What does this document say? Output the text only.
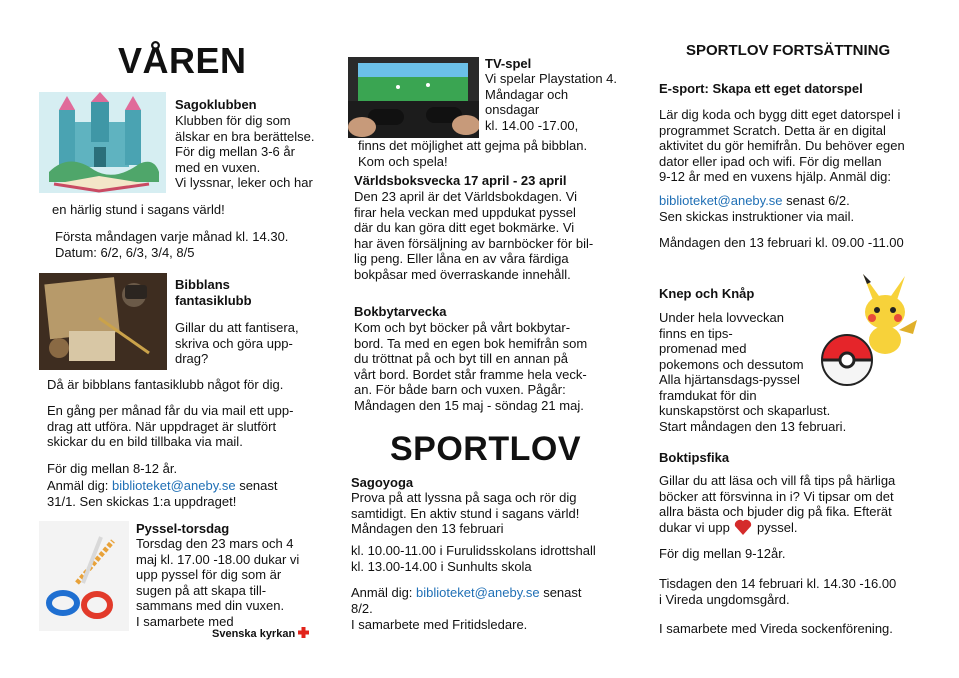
VÅREN
Sagoklubben
Klubben för dig som
älskar en bra berättelse.
För dig mellan 3-6 år
med en vuxen.
Vi lyssnar, leker och har
en härlig stund i sagans värld!
Första måndagen varje månad kl. 14.30.
Datum: 6/2, 6/3, 3/4, 8/5
Bibblans
fantasiklubb
Gillar du att fantisera,
skriva och göra upp-
drag?
Då är bibblans fantasiklubb något för dig.
En gång per månad får du via mail ett upp-
drag att utföra. När uppdraget är slutfört
skickar du en bild tillbaka via mail.
För dig mellan 8-12 år.
Anmäl dig: biblioteket@aneby.se senast
31/1. Sen skickas 1:a uppdraget!
Pyssel-torsdag
Torsdag den 23 mars och 4
maj kl. 17.00 -18.00 dukar vi
upp pyssel för dig som är
sugen på att skapa till-
sammans med din vuxen.
I samarbete med
Svenska kyrkan
TV-spel
Vi spelar Playstation 4.
Måndagar och
onsdagar
kl. 14.00 -17.00,
finns det möjlighet att gejma på bibblan.
Kom och spela!
Världsboksvecka 17 april - 23 april
Den 23 april är det Världsbokdagen. Vi
firar hela veckan med uppdukat pyssel
där du kan göra ditt eget bokmärke. Vi
har även försäljning av barnböcker för bil-
lig peng. Eller låna en av våra färdiga
bokpåsar med överraskande innehåll.
Bokbytarvecka
Kom och byt böcker på vårt bokbytar-
bord. Ta med en egen bok hemifrån som
du tröttnat på och byt till en annan på
vårt bord. Bordet står framme hela veck-
an. För både barn och vuxen. Pågår:
Måndagen den 15 maj - söndag 21 maj.
SPORTLOV
Sagoyoga
Prova på att lyssna på saga och rör dig
samtidigt. En aktiv stund i sagans värld!
Måndagen den 13 februari
kl. 10.00-11.00 i Furulidsskolans idrottshall
kl. 13.00-14.00 i Sunhults skola
Anmäl dig: biblioteket@aneby.se senast
8/2.
I samarbete med Fritidsledare.
SPORTLOV FORTSÄTTNING
E-sport: Skapa ett eget datorspel
Lär dig koda och bygg ditt eget datorspel i
programmet Scratch. Detta är en digital
aktivitet du gör hemifrån. Du behöver egen
dator eller ipad och wifi. För dig mellan
9-12 år med en vuxens hjälp. Anmäl dig:
biblioteket@aneby.se senast 6/2.
Sen skickas instruktioner via mail.
Måndagen den 13 februari kl. 09.00 -11.00
Knep och Knåp
Under hela lovveckan
finns en tips-
promenad med
pokemons och dessutom
Alla hjärtansdags-pyssel
framdukat för din
kunskapstörst och skaparlust.
Start måndagen den 13 februari.
Boktipsfika
Gillar du att läsa och vill få tips på härliga
böcker att försvinna in i? Vi tipsar om det
allra bästa och bjuder dig på fika. Efterät
dukar vi upp  pyssel.
För dig mellan 9-12år.
Tisdagen den 14 februari kl. 14.30 -16.00
i Vireda ungdomsgård.
I samarbete med Vireda sockenförening.
